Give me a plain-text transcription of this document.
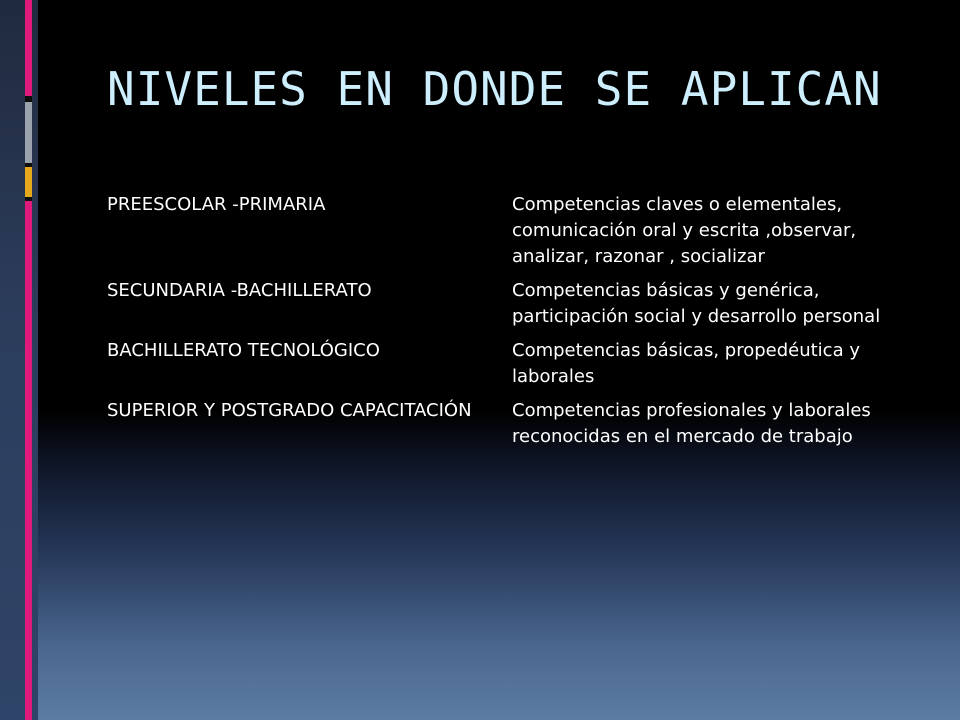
NIVELES EN DONDE SE APLICAN
PREESCOLAR -PRIMARIA	Competencias claves o elementales, comunicación oral y escrita ,observar, analizar, razonar , socializar
SECUNDARIA -BACHILLERATO	Competencias básicas y genérica, participación social y desarrollo personal
BACHILLERATO TECNOLÓGICO	Competencias básicas, propedéutica y laborales
SUPERIOR Y POSTGRADO CAPACITACIÓN	Competencias profesionales y laborales reconocidas en el mercado de trabajo
